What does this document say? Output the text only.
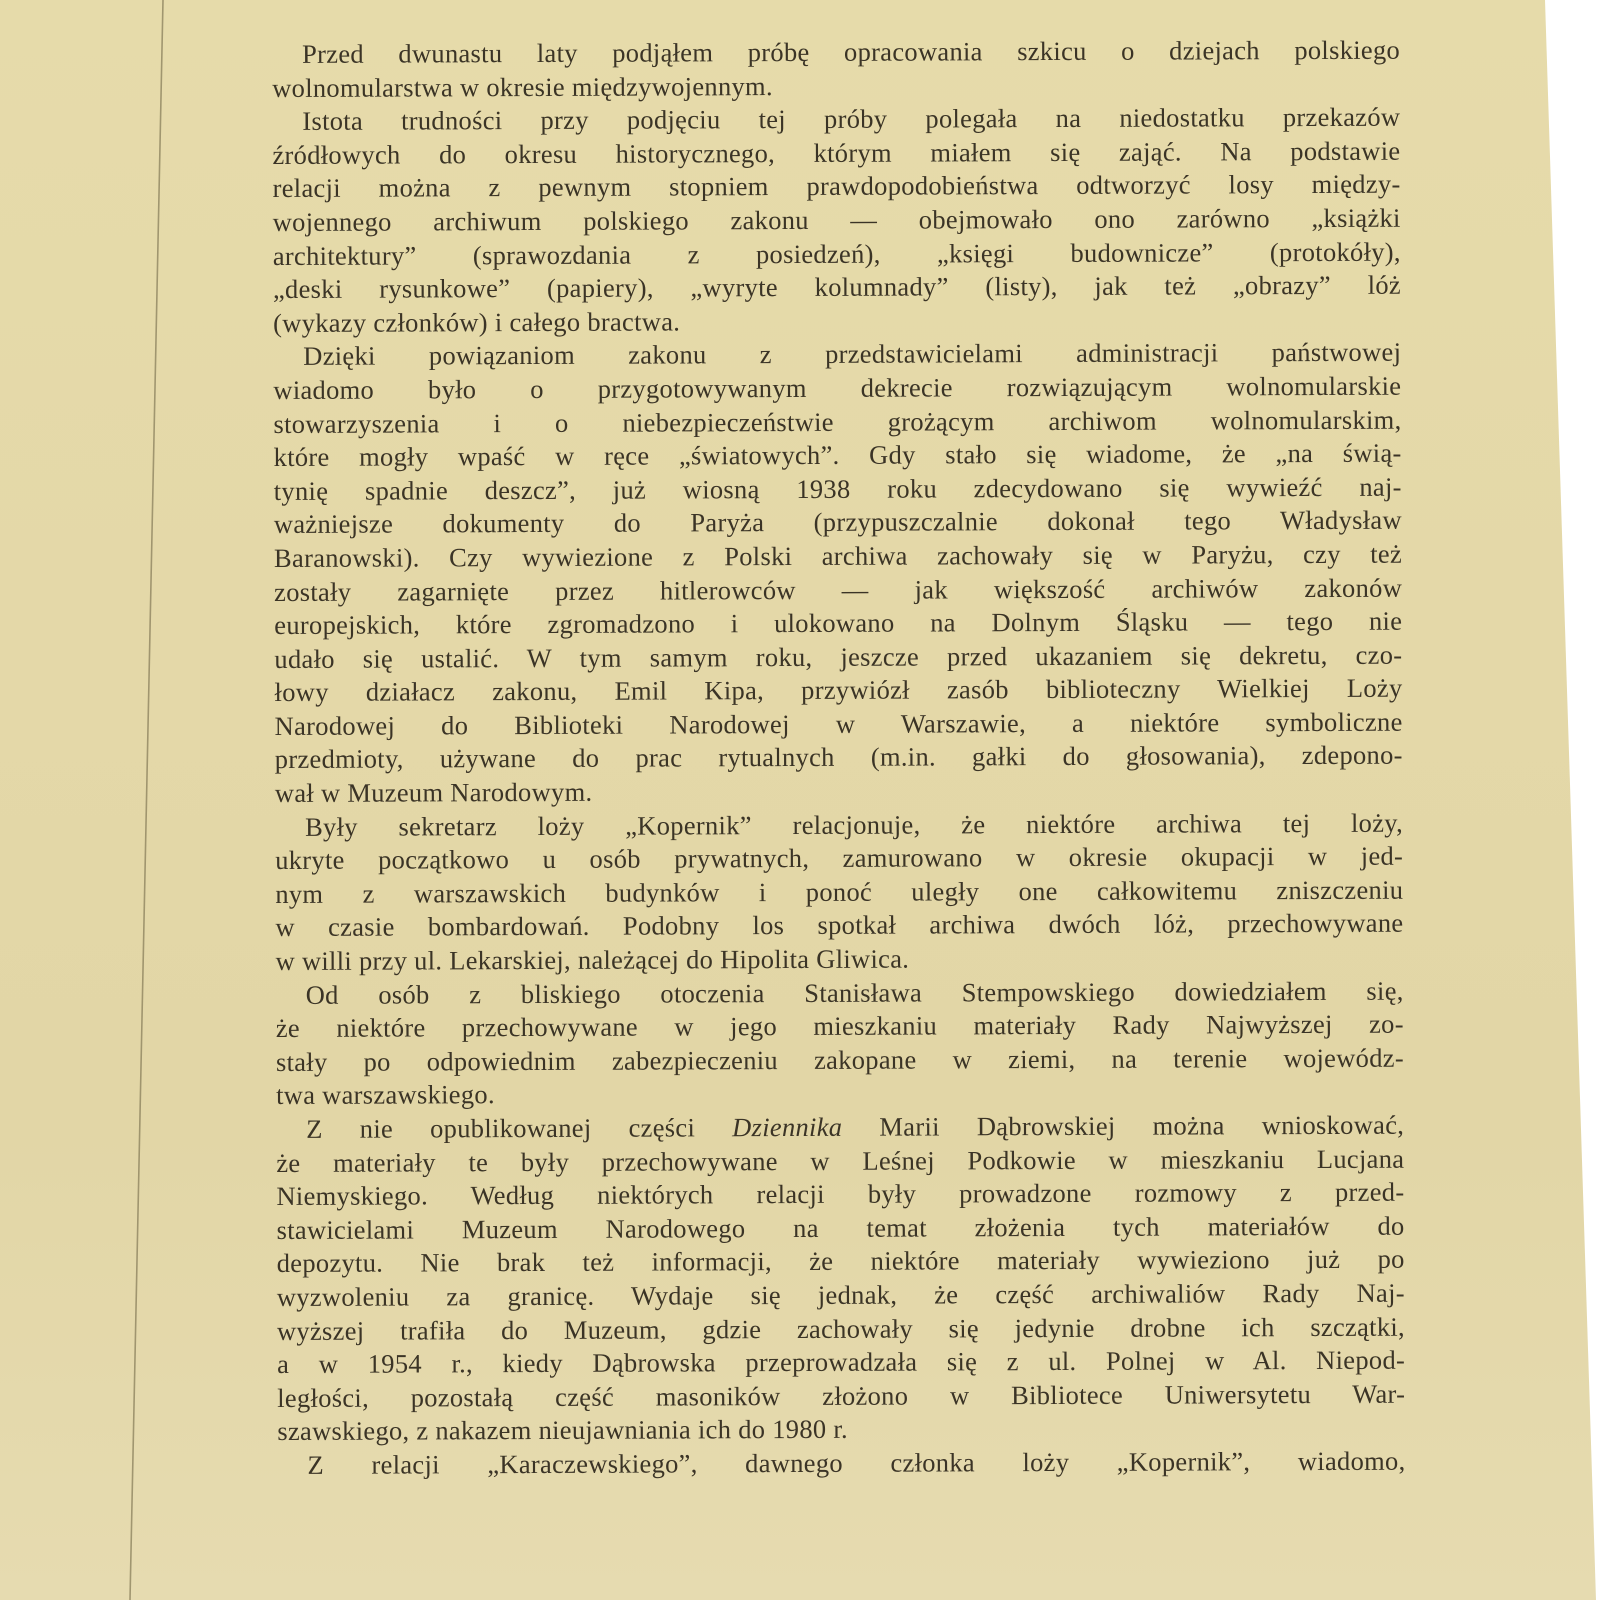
Przed dwunastu laty podjąłem próbę opracowania szkicu o dziejach polskiego
wolnomularstwa w okresie międzywojennym.
Istota trudności przy podjęciu tej próby polegała na niedostatku przekazów
źródłowych do okresu historycznego, którym miałem się zająć. Na podstawie
relacji można z pewnym stopniem prawdopodobieństwa odtworzyć losy między-
wojennego archiwum polskiego zakonu — obejmowało ono zarówno „książki
architektury” (sprawozdania z posiedzeń), „księgi budownicze” (protokóły),
„deski rysunkowe” (papiery), „wyryte kolumnady” (listy), jak też „obrazy” lóż
(wykazy członków) i całego bractwa.
Dzięki powiązaniom zakonu z przedstawicielami administracji państwowej
wiadomo było o przygotowywanym dekrecie rozwiązującym wolnomularskie
stowarzyszenia i o niebezpieczeństwie grożącym archiwom wolnomularskim,
które mogły wpaść w ręce „światowych”. Gdy stało się wiadome, że „na świą-
tynię spadnie deszcz”, już wiosną 1938 roku zdecydowano się wywieźć naj-
ważniejsze dokumenty do Paryża (przypuszczalnie dokonał tego Władysław
Baranowski). Czy wywiezione z Polski archiwa zachowały się w Paryżu, czy też
zostały zagarnięte przez hitlerowców — jak większość archiwów zakonów
europejskich, które zgromadzono i ulokowano na Dolnym Śląsku — tego nie
udało się ustalić. W tym samym roku, jeszcze przed ukazaniem się dekretu, czo-
łowy działacz zakonu, Emil Kipa, przywiózł zasób biblioteczny Wielkiej Loży
Narodowej do Biblioteki Narodowej w Warszawie, a niektóre symboliczne
przedmioty, używane do prac rytualnych (m.in. gałki do głosowania), zdepono-
wał w Muzeum Narodowym.
Były sekretarz loży „Kopernik” relacjonuje, że niektóre archiwa tej loży,
ukryte początkowo u osób prywatnych, zamurowano w okresie okupacji w jed-
nym z warszawskich budynków i ponoć uległy one całkowitemu zniszczeniu
w czasie bombardowań. Podobny los spotkał archiwa dwóch lóż, przechowywane
w willi przy ul. Lekarskiej, należącej do Hipolita Gliwica.
Od osób z bliskiego otoczenia Stanisława Stempowskiego dowiedziałem się,
że niektóre przechowywane w jego mieszkaniu materiały Rady Najwyższej zo-
stały po odpowiednim zabezpieczeniu zakopane w ziemi, na terenie wojewódz-
twa warszawskiego.
Z nie opublikowanej części Dziennika Marii Dąbrowskiej można wnioskować,
że materiały te były przechowywane w Leśnej Podkowie w mieszkaniu Lucjana
Niemyskiego. Według niektórych relacji były prowadzone rozmowy z przed-
stawicielami Muzeum Narodowego na temat złożenia tych materiałów do
depozytu. Nie brak też informacji, że niektóre materiały wywieziono już po
wyzwoleniu za granicę. Wydaje się jednak, że część archiwaliów Rady Naj-
wyższej trafiła do Muzeum, gdzie zachowały się jedynie drobne ich szczątki,
a w 1954 r., kiedy Dąbrowska przeprowadzała się z ul. Polnej w Al. Niepod-
ległości, pozostałą część masoników złożono w Bibliotece Uniwersytetu War-
szawskiego, z nakazem nieujawniania ich do 1980 r.
Z relacji „Karaczewskiego”, dawnego członka loży „Kopernik”, wiadomo,
